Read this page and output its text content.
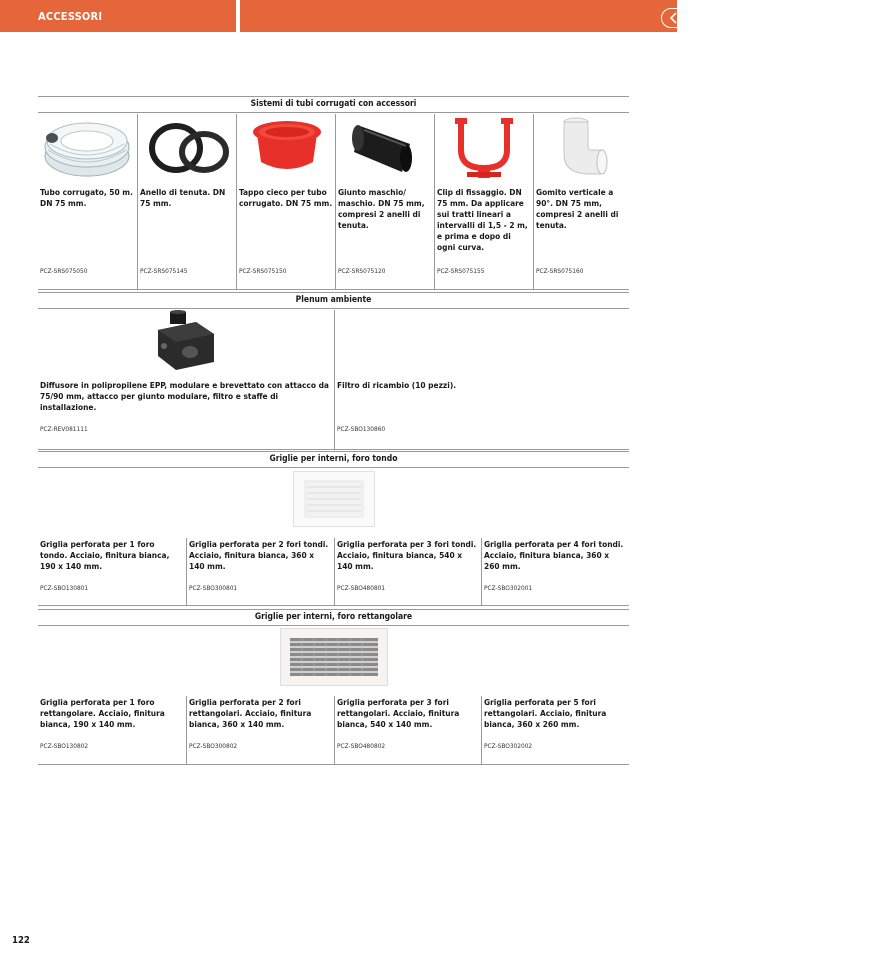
ACCESSORI	INDICE GENERALE
Sistemi di tubi corrugati con accessori
Tubo corrugato, 50 m. DN 75 mm.
PCZ-SRS075050
Anello di tenuta. DN 75 mm.
PCZ-SRS075145
Tappo cieco per tubo corrugato. DN 75 mm.
PCZ-SRS075150
Giunto maschio/ maschio. DN 75 mm, compresi 2 anelli di tenuta.
PCZ-SRS075120
Clip di fissaggio. DN 75 mm. Da applicare sui tratti lineari a intervalli di 1,5 - 2 m, e prima e dopo di ogni curva.
PCZ-SRS075155
Gomito verticale a 90°. DN 75 mm, compresi 2 anelli di tenuta.
PCZ-SRS075160
Plenum ambiente
Diffusore in polipropilene EPP, modulare e brevettato con attacco da 75/90 mm, attacco per giunto modulare, filtro e staffe di installazione.
PCZ-REV081111
Filtro di ricambio (10 pezzi).
PCZ-SBO130860
Griglie per interni, foro tondo
Griglia perforata per 1 foro tondo. Acciaio, finitura bianca, 190 x 140 mm.
PCZ-SBO130801
Griglia perforata per 2 fori tondi. Acciaio, finitura bianca, 360 x 140 mm.
PCZ-SBO300801
Griglia perforata per 3 fori tondi. Acciaio, finitura bianca, 540 x 140 mm.
PCZ-SBO480801
Griglia perforata per 4 fori tondi. Acciaio, finitura bianca, 360 x 260 mm.
PCZ-SBO302001
Griglie per interni, foro rettangolare
Griglia perforata per 1 foro rettangolare. Acciaio, finitura bianca, 190 x 140 mm.
PCZ-SBO130802
Griglia perforata per 2 fori rettangolari. Acciaio, finitura bianca, 360 x 140 mm.
PCZ-SBO300802
Griglia perforata per 3 fori rettangolari. Acciaio, finitura bianca, 540 x 140 mm.
PCZ-SBO480802
Griglia perforata per 5 fori rettangolari. Acciaio, finitura bianca, 360 x 260 mm.
PCZ-SBO302002
122
